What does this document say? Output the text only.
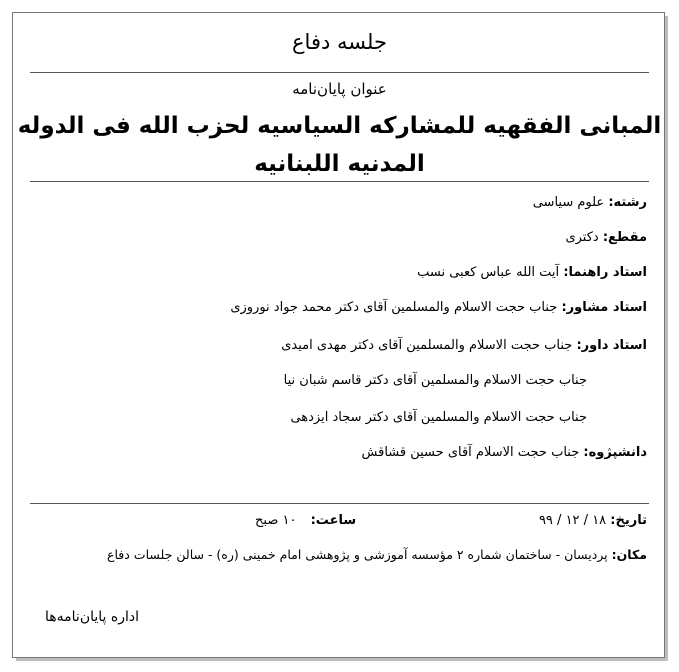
جلسه دفاع
عنوان پایان‌نامه
المبانی الفقهیه للمشارکه السیاسیه لحزب الله فی الدوله
المدنیه اللبنانیه
رشته: علوم سیاسی
مقطع: دکتری
استاد راهنما: آیت الله عباس کعبی نسب
استاد مشاور: جناب حجت الاسلام والمسلمین آقای دکتر محمد جواد نوروزی
استاد داور: جناب حجت الاسلام والمسلمین آقای دکتر مهدی امیدی
جناب حجت الاسلام والمسلمین آقای دکتر قاسم شبان نیا
جناب حجت الاسلام والمسلمین آقای دکتر سجاد ایزدهی
دانشپژوه: جناب حجت الاسلام آقای حسین قشاقش
تاریخ: ۱۸ / ۱۲ / ۹۹
ساعت: ۱۰ صبح
مکان: پردیسان - ساختمان شماره ۲ مؤسسه آموزشی و پژوهشی امام خمینی (ره) - سالن جلسات دفاع
اداره پایان‌نامه‌ها
